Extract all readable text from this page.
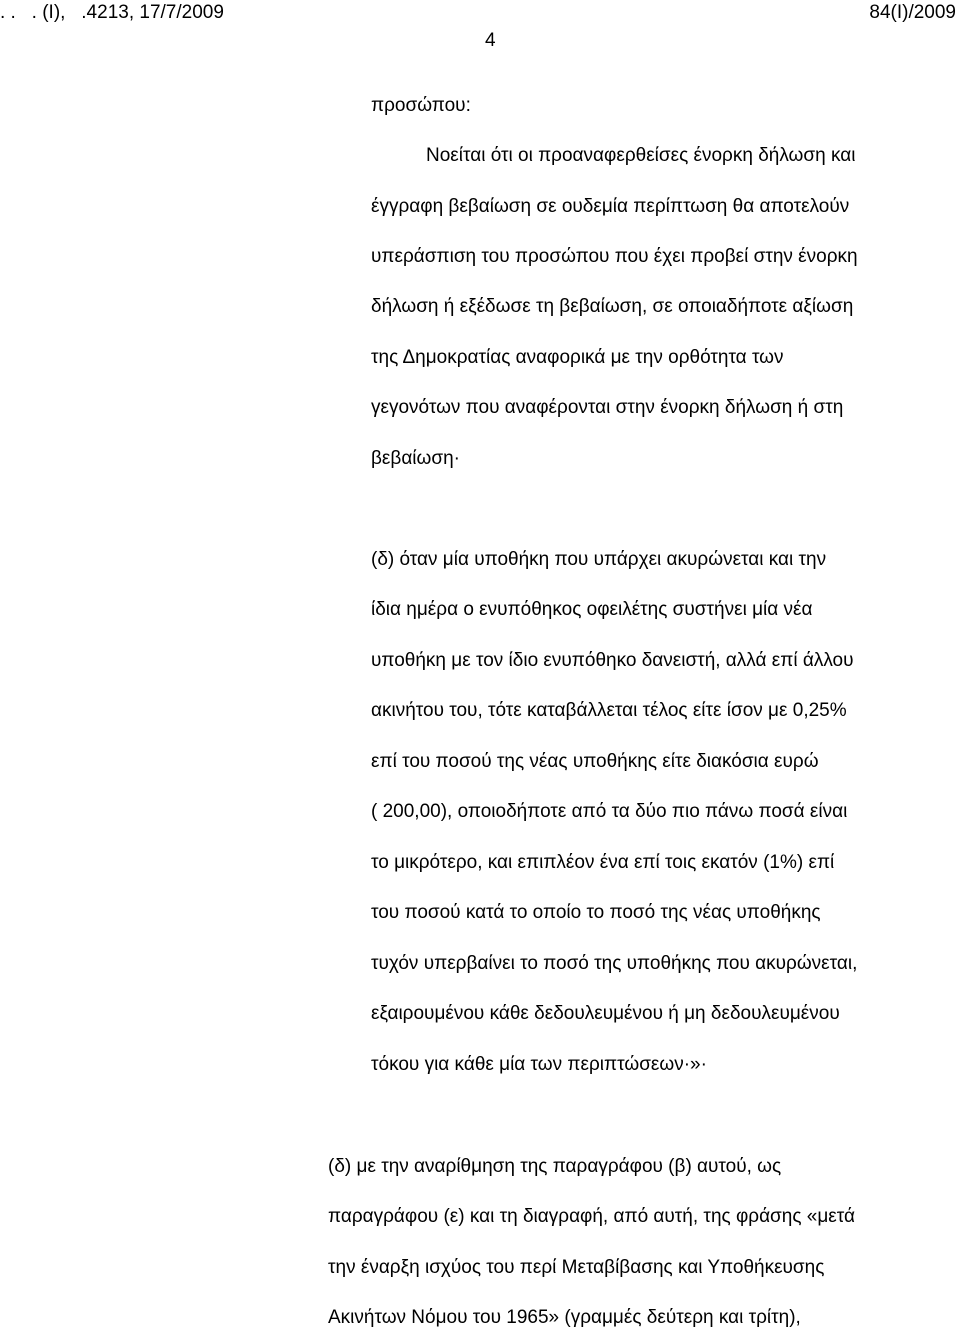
. .   . (Ι),   .4213, 17/7/2009	84(I)/2009
4
προσώπου:
Νοείται ότι οι προαναφερθείσες ένορκη δήλωση και
έγγραφη βεβαίωση σε ουδεμία περίπτωση θα αποτελούν
υπεράσπιση του προσώπου που έχει προβεί στην ένορκη
δήλωση ή εξέδωσε τη βεβαίωση, σε οποιαδήποτε αξίωση
της Δημοκρατίας αναφορικά με την ορθότητα των
γεγονότων που αναφέρονται στην ένορκη δήλωση ή στη
βεβαίωση·
(δ) όταν μία υποθήκη που υπάρχει ακυρώνεται και την
ίδια ημέρα ο ενυπόθηκος οφειλέτης συστήνει μία νέα
υποθήκη με τον ίδιο ενυπόθηκο δανειστή, αλλά επί άλλου
ακινήτου του, τότε καταβάλλεται τέλος είτε ίσον με 0,25%
επί του ποσού της νέας υποθήκης είτε διακόσια ευρώ
( 200,00), οποιοδήποτε από τα δύο πιο πάνω ποσά είναι
το μικρότερο, και επιπλέον ένα επί τοις εκατόν (1%) επί
του ποσού κατά το οποίο το ποσό της νέας υποθήκης
τυχόν υπερβαίνει το ποσό της υποθήκης που ακυρώνεται,
εξαιρουμένου κάθε δεδουλευμένου ή μη δεδουλευμένου
τόκου για κάθε μία των περιπτώσεων·»·
(δ) με την αναρίθμηση της παραγράφου (β) αυτού, ως
παραγράφου (ε) και τη διαγραφή, από αυτή, της φράσης «μετά
την έναρξη ισχύος του περί Μεταβίβασης και Υποθήκευσης
Ακινήτων Νόμου του 1965» (γραμμές δεύτερη και τρίτη),
